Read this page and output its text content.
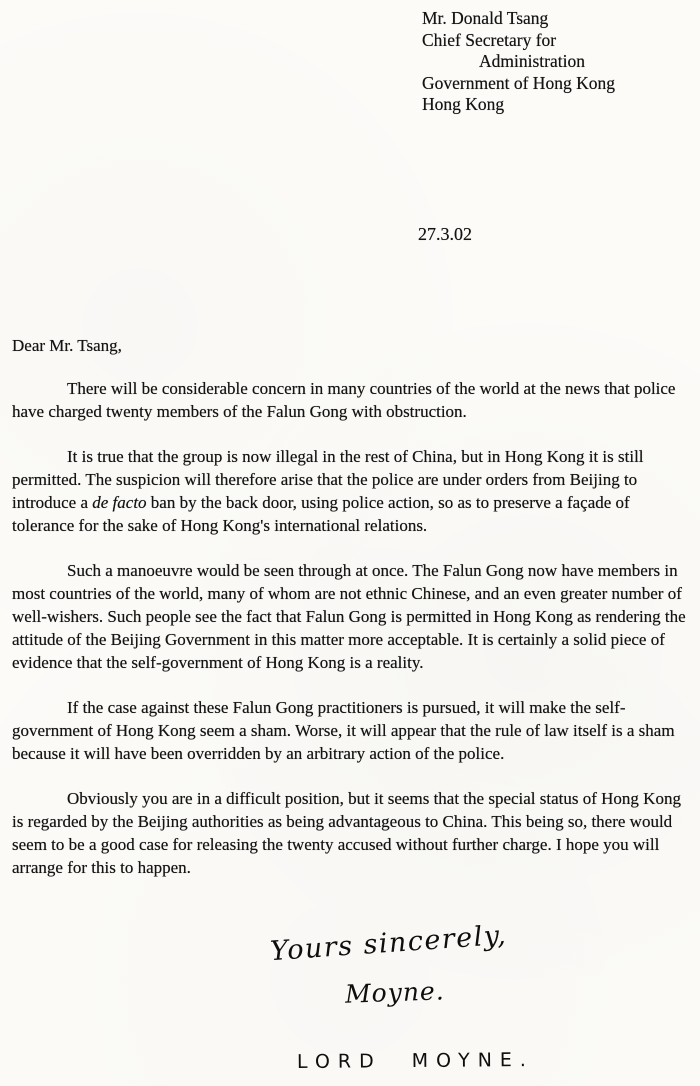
Mr. Donald Tsang
Chief Secretary for
Administration
Government of Hong Kong
Hong Kong
27.3.02

Dear Mr. Tsang,

There will be considerable concern in many countries of the world at the news that police have charged twenty members of the Falun Gong with obstruction.

It is true that the group is now illegal in the rest of China, but in Hong Kong it is still permitted. The suspicion will therefore arise that the police are under orders from Beijing to introduce a de facto ban by the back door, using police action, so as to preserve a façade of tolerance for the sake of Hong Kong's international relations.

Such a manoeuvre would be seen through at once. The Falun Gong now have members in most countries of the world, many of whom are not ethnic Chinese, and an even greater number of well-wishers. Such people see the fact that Falun Gong is permitted in Hong Kong as rendering the attitude of the Beijing Government in this matter more acceptable. It is certainly a solid piece of evidence that the self-government of Hong Kong is a reality.

If the case against these Falun Gong practitioners is pursued, it will make the self-government of Hong Kong seem a sham. Worse, it will appear that the rule of law itself is a sham because it will have been overridden by an arbitrary action of the police.

Obviously you are in a difficult position, but it seems that the special status of Hong Kong is regarded by the Beijing authorities as being advantageous to China. This being so, there would seem to be a good case for releasing the twenty accused without further charge. I hope you will arrange for this to happen.

Yours sincerely,
Moyne.
LORD MOYNE.
